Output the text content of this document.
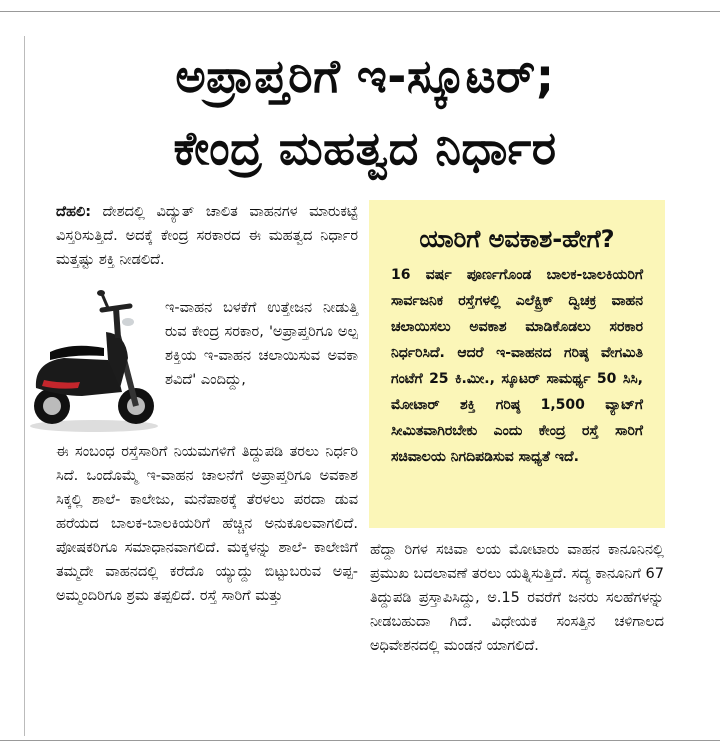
ಅಪ್ರಾಪ್ತರಿಗೆ ಇ-ಸ್ಕೂಟರ್;
ಕೇಂದ್ರ ಮಹತ್ವದ ನಿರ್ಧಾರ

ದೆಹಲಿ: ದೇಶದಲ್ಲಿ ವಿದ್ಯುತ್ ಚಾಲಿತ ವಾಹನಗಳ ಮಾರುಕಟ್ಟೆ ವಿಸ್ತರಿಸುತ್ತಿದೆ. ಅದಕ್ಕೆ ಕೇಂದ್ರ ಸರಕಾರದ ಈ ಮಹತ್ವದ ನಿರ್ಧಾರ ಮತ್ತಷ್ಟು ಶಕ್ತಿ ನೀಡಲಿದೆ.

ಇ-ವಾಹನ ಬಳಕೆಗೆ ಉತ್ತೇಜನ ನೀಡುತ್ತಿ ರುವ ಕೇಂದ್ರ ಸರಕಾರ, 'ಅಪ್ರಾಪ್ತರಿಗೂ ಅಲ್ಪ ಶಕ್ತಿಯ ಇ-ವಾಹನ ಚಲಾಯಿಸುವ ಅವಕಾ ಶವಿದೆ' ಎಂದಿದ್ದು,

ಈ ಸಂಬಂಧ ರಸ್ತೆಸಾರಿಗೆ ನಿಯಮಗಳಿಗೆ ತಿದ್ದುಪಡಿ ತರಲು ನಿರ್ಧರಿ ಸಿದೆ. ಒಂದೊಮ್ಮೆ ಇ-ವಾಹನ ಚಾಲನೆಗೆ ಅಪ್ರಾಪ್ತರಿಗೂ ಅವಕಾಶ ಸಿಕ್ಕಲ್ಲಿ ಶಾಲೆ- ಕಾಲೇಜು, ಮನೆಪಾಠಕ್ಕೆ ತೆರಳಲು ಪರದಾ ಡುವ ಹರೆಯದ ಬಾಲಕ-ಬಾಲಕಿಯರಿಗೆ ಹೆಚ್ಚಿನ ಅನುಕೂಲವಾಗಲಿದೆ. ಪೋಷಕರಿಗೂ ಸಮಾಧಾನವಾಗಲಿದೆ. ಮಕ್ಕಳನ್ನು ಶಾಲೆ- ಕಾಲೇಜಿಗೆ ತಮ್ಮದೇ ವಾಹನದಲ್ಲಿ ಕರೆದೊ ಯ್ಯುದ್ದು ಬಿಟ್ಟುಬರುವ ಅಪ್ಪ-ಅಮ್ಮಂದಿರಿಗೂ ಶ್ರಮ ತಪ್ಪಲಿದೆ. ರಸ್ತೆ ಸಾರಿಗೆ ಮತ್ತು

ಯಾರಿಗೆ ಅವಕಾಶ-ಹೇಗೆ?
16 ವರ್ಷ ಪೂರ್ಣಗೊಂಡ ಬಾಲಕ-ಬಾಲಕಿಯರಿಗೆ ಸಾರ್ವಜನಿಕ ರಸ್ತೆಗಳಲ್ಲಿ ಎಲೆಕ್ಟ್ರಿಕ್ ದ್ವಿಚಕ್ರ ವಾಹನ ಚಲಾಯಿಸಲು ಅವಕಾಶ ಮಾಡಿಕೊಡಲು ಸರಕಾರ ನಿರ್ಧರಿಸಿದೆ. ಆದರೆ ಇ-ವಾಹನದ ಗರಿಷ್ಠ ವೇಗಮಿತಿ ಗಂಟೆಗೆ 25 ಕಿ.ಮೀ., ಸ್ಕೂಟರ್ ಸಾಮರ್ಥ್ಯ 50 ಸಿಸಿ, ಮೋಟಾರ್ ಶಕ್ತಿ ಗರಿಷ್ಠ 1,500 ವ್ಯಾಟ್‌ಗೆ ಸೀಮಿತವಾಗಿರಬೇಕು ಎಂದು ಕೇಂದ್ರ ರಸ್ತೆ ಸಾರಿಗೆ ಸಚಿವಾಲಯ ನಿಗದಿಪಡಿಸುವ ಸಾಧ್ಯತೆ ಇದೆ.

ಹೆದ್ದಾ ರಿಗಳ ಸಚಿವಾ ಲಯ ಮೋಟಾರು ವಾಹನ ಕಾನೂನಿನಲ್ಲಿ ಪ್ರಮುಖ ಬದಲಾವಣೆ ತರಲು ಯತ್ನಿಸುತ್ತಿದೆ. ಸದ್ಯ ಕಾನೂನಿಗೆ 67 ತಿದ್ದುಪಡಿ ಪ್ರಸ್ತಾಪಿಸಿದ್ದು, ಅ.15 ರವರೆಗೆ ಜನರು ಸಲಹೆಗಳನ್ನು ನೀಡಬಹುದಾ ಗಿದೆ. ವಿಧೇಯಕ ಸಂಸತ್ತಿನ ಚಳಿಗಾಲದ ಅಧಿವೇಶನದಲ್ಲಿ ಮಂಡನೆ ಯಾಗಲಿದೆ.
